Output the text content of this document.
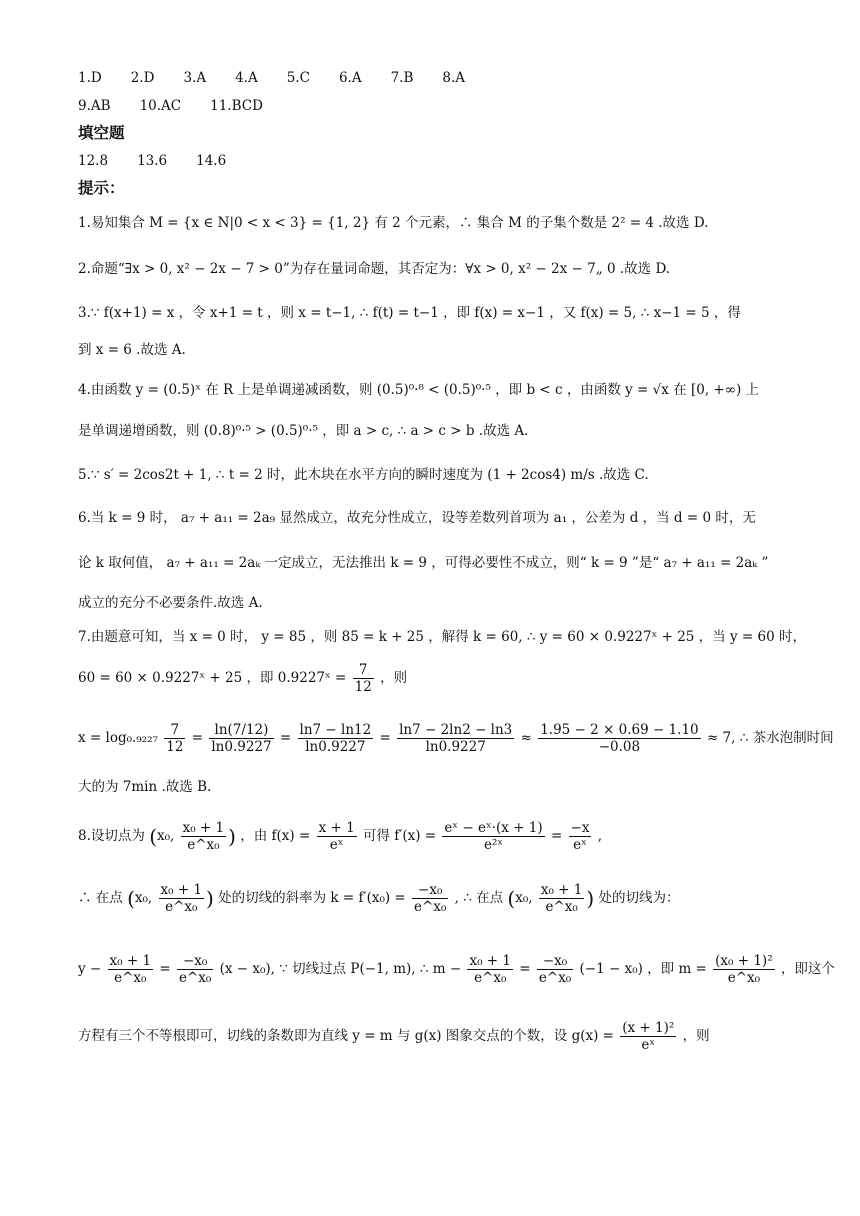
1.D 2.D 3.A 4.A 5.C 6.A 7.B 8.A
9.AB 10.AC 11.BCD
填空题
12.8 13.6 14.6
提示：
1.易知集合 M = {x ∈ N|0 < x < 3} = {1, 2} 有 2 个元素，∴ 集合 M 的子集个数是 2² = 4 .故选 D.
2.命题“∃x > 0, x² − 2x − 7 > 0”为存在量词命题，其否定为：∀x > 0, x² − 2x − 7„ 0 .故选 D.
3.∵ f(x+1) = x ，令 x+1 = t ，则 x = t−1, ∴ f(t) = t−1 ，即 f(x) = x−1 ，又 f(x) = 5, ∴ x−1 = 5 ，得
到 x = 6 .故选 A.
4.由函数 y = (0.5)ˣ 在 R 上是单调递减函数，则 (0.5)⁰·⁸ < (0.5)⁰·⁵ ，即 b < c ，由函数 y = √x 在 [0, +∞) 上
是单调递增函数，则 (0.8)⁰·⁵ > (0.5)⁰·⁵ ，即 a > c, ∴ a > c > b .故选 A.
5.∵ s′ = 2cos2t + 1, ∴ t = 2 时，此木块在水平方向的瞬时速度为 (1 + 2cos4) m/s .故选 C.
6.当 k = 9 时， a₇ + a₁₁ = 2a₉ 显然成立，故充分性成立，设等差数列首项为 a₁ ，公差为 d ，当 d = 0 时，无
论 k 取何值， a₇ + a₁₁ = 2aₖ 一定成立，无法推出 k = 9 ，可得必要性不成立，则“ k = 9 ”是“ a₇ + a₁₁ = 2aₖ ”
成立的充分不必要条件.故选 A.
7.由题意可知，当 x = 0 时， y = 85 ，则 85 = k + 25 ，解得 k = 60, ∴ y = 60 × 0.9227ˣ + 25 ，当 y = 60 时，
60 = 60 × 0.9227ˣ + 25 ，即 0.9227ˣ = $\frac{7}{12}$ ，则
$x = \log_0._{9227} \frac{7}{12} = \frac{\ln(7/12)}{\ln 0.9227} = \frac{\ln 7 - \ln 12}{\ln 0.9227} = \frac{\ln 7 - 2\ln 2 - \ln 3}{\ln 0.9227} \approx \frac{1.95 - 2 \times 0.69 - 1.10}{-0.08} \approx 7$, ∴ 茶水泡制时间
大的为 7min .故选 B.
8.设切点为 (x₀, $\frac{\text{x₀ + 1}}{\text{e\textasciicircum{}x₀}}$ ) ，由 $f(x) = \frac{x + 1}{\text{eˣ}}$ 可得 $f'(x) = \frac{\text{eˣ − eˣ·(x + 1)}}{\text{e²ˣ}} = \frac{-x}{\text{eˣ}}$ ,
∴ 在点 (x₀, $\frac{\text{x₀ + 1}}{\text{e\textasciicircum{}x₀}}$ ) 处的切线的斜率为 $k = f'(x_0) = \frac{\text{−x₀}}{\text{e\textasciicircum{}x₀}}$ , ∴ 在点 (x₀, $\frac{\text{x₀ + 1}}{\text{e\textasciicircum{}x₀}}$ ) 处的切线为：
$y - \frac{\text{x₀ + 1}}{\text{e\textasciicircum{}x₀}} = \frac{\text{−x₀}}{\text{e\textasciicircum{}x₀}} (x - x_0)$, ∵ 切线过点 P(−1, m), ∴ $m - \frac{\text{x₀ + 1}}{\text{e\textasciicircum{}x₀}} = \frac{\text{−x₀}}{\text{e\textasciicircum{}x₀}} (-1 - x_0)$ ，即 $m = \frac{\text{(x₀ + 1)²}}{\text{e\textasciicircum{}x₀}}$ ，即这个
方程有三个不等根即可，切线的条数即为直线 y = m 与 g(x) 图象交点的个数，设 $g(x) = \frac{\text{(x + 1)²}}{\text{eˣ}}$ ，则
